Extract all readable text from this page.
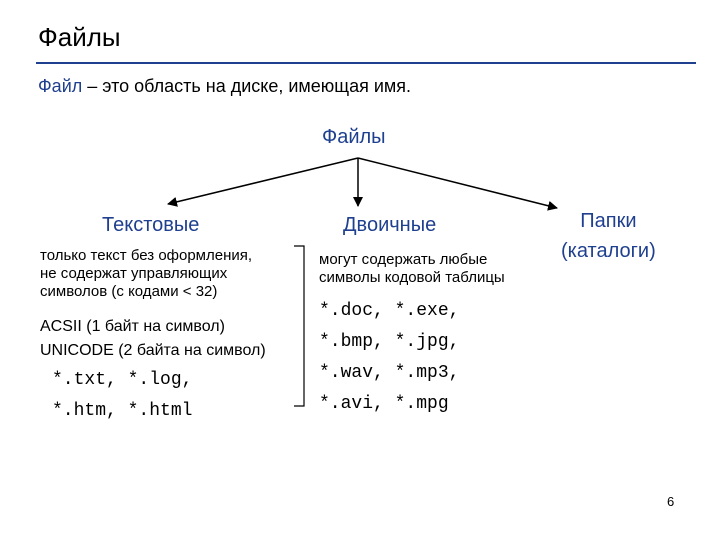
Файлы
Файл – это область на диске, имеющая имя.
Файлы
Текстовые
только текст без оформления,
не содержат управляющих
символов (с кодами < 32)
ACSII (1 байт на символ)
UNICODE (2 байта на символ)
*.txt, *.log,
*.htm, *.html
Двоичные
могут содержать любые
символы кодовой таблицы
*.doc, *.exe,
*.bmp, *.jpg,
*.wav, *.mp3,
*.avi, *.mpg
Папки
(каталоги)
6
